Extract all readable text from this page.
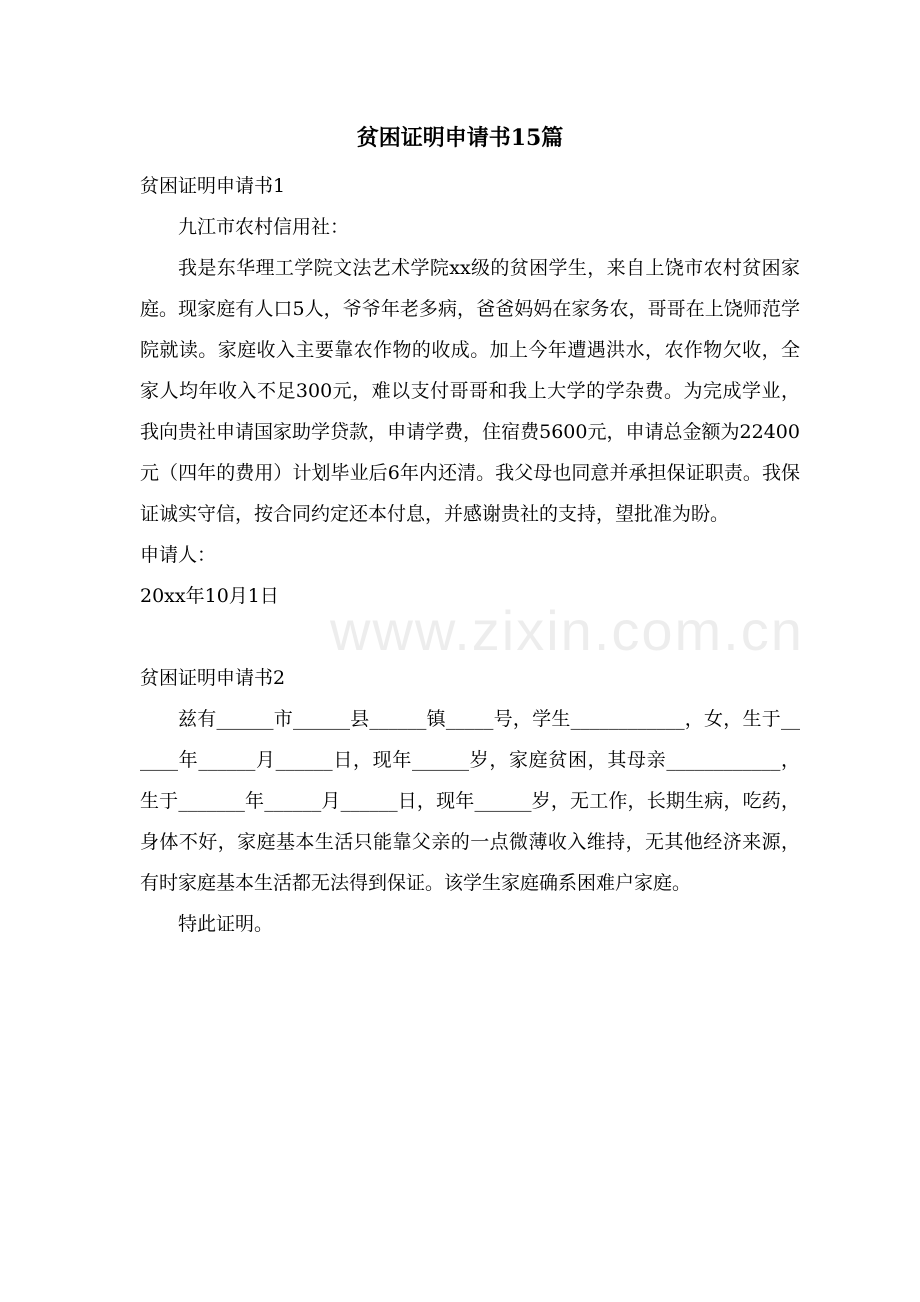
贫困证明申请书15篇

贫困证明申请书1

九江市农村信用社：

我是东华理工学院文法艺术学院xx级的贫困学生，来自上饶市农村贫困家庭。现家庭有人口5人，爷爷年老多病，爸爸妈妈在家务农，哥哥在上饶师范学院就读。家庭收入主要靠农作物的收成。加上今年遭遇洪水，农作物欠收，全家人均年收入不足300元，难以支付哥哥和我上大学的学杂费。为完成学业，我向贵社申请国家助学贷款，申请学费，住宿费5600元，申请总金额为22400元（四年的费用）计划毕业后6年内还清。我父母也同意并承担保证职责。我保证诚实守信，按合同约定还本付息，并感谢贵社的支持，望批准为盼。

申请人：

20xx年10月1日

贫困证明申请书2

兹有______市______县______镇_____号，学生____________，女，生于______年______月______日，现年______岁，家庭贫困，其母亲____________，生于_______年______月______日，现年______岁，无工作，长期生病，吃药，身体不好，家庭基本生活只能靠父亲的一点微薄收入维持，无其他经济来源，有时家庭基本生活都无法得到保证。该学生家庭确系困难户家庭。

特此证明。

www.zixin.com.cn
